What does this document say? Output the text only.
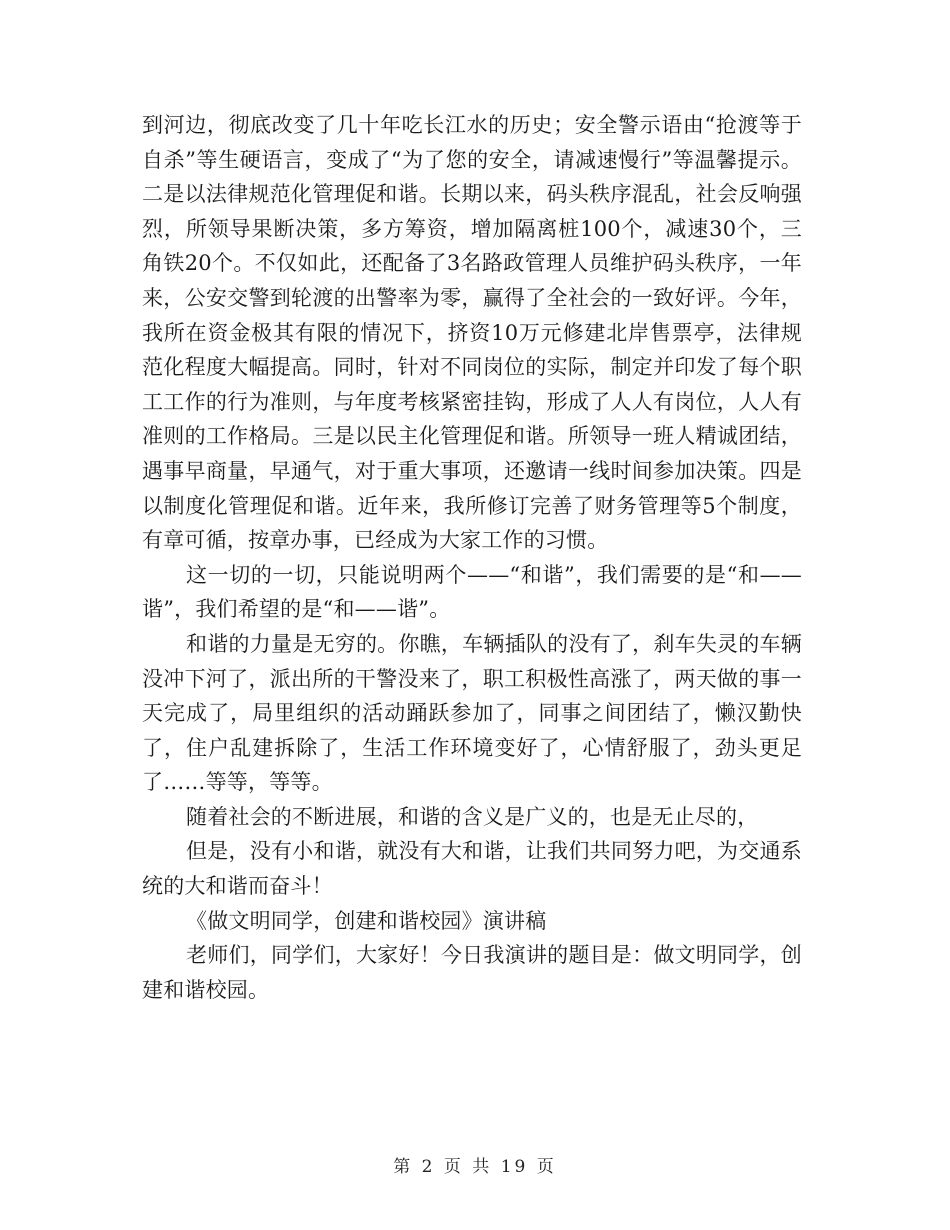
到河边，彻底改变了几十年吃长江水的历史；安全警示语由“抢渡等于自杀”等生硬语言，变成了“为了您的安全，请减速慢行”等温馨提示。二是以法律规范化管理促和谐。长期以来，码头秩序混乱，社会反响强烈，所领导果断决策，多方筹资，增加隔离桩100个，减速30个，三角铁20个。不仅如此，还配备了3名路政管理人员维护码头秩序，一年来，公安交警到轮渡的出警率为零，赢得了全社会的一致好评。今年，我所在资金极其有限的情况下，挤资10万元修建北岸售票亭，法律规范化程度大幅提高。同时，针对不同岗位的实际，制定并印发了每个职工工作的行为准则，与年度考核紧密挂钩，形成了人人有岗位，人人有准则的工作格局。三是以民主化管理促和谐。所领导一班人精诚团结，遇事早商量，早通气，对于重大事项，还邀请一线时间参加决策。四是以制度化管理促和谐。近年来，我所修订完善了财务管理等5个制度，有章可循，按章办事，已经成为大家工作的习惯。

这一切的一切，只能说明两个——“和谐”，我们需要的是“和——谐”，我们希望的是“和——谐”。

和谐的力量是无穷的。你瞧，车辆插队的没有了，刹车失灵的车辆没冲下河了，派出所的干警没来了，职工积极性高涨了，两天做的事一天完成了，局里组织的活动踊跃参加了，同事之间团结了，懒汉勤快了，住户乱建拆除了，生活工作环境变好了，心情舒服了，劲头更足了……等等，等等。

随着社会的不断进展，和谐的含义是广义的，也是无止尽的，

但是，没有小和谐，就没有大和谐，让我们共同努力吧，为交通系统的大和谐而奋斗！

《做文明同学，创建和谐校园》演讲稿

老师们，同学们，大家好！今日我演讲的题目是：做文明同学，创建和谐校园。

第 2 页 共 19 页
